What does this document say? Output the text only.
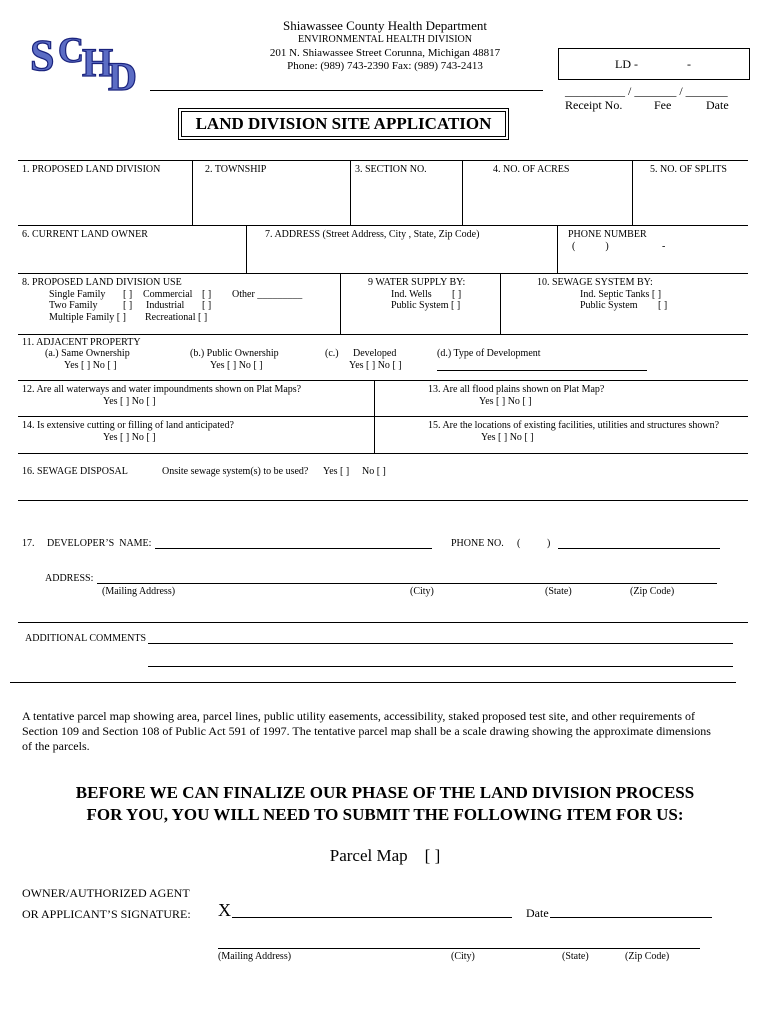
S C
H
D
Shiawassee County Health Department
ENVIRONMENTAL HEALTH DIVISION
201 N. Shiawassee Street Corunna, Michigan 48817
Phone: (989) 743-2390 Fax: (989) 743-2413	LD -	-
__________ / _______ / _______
Receipt No.	Fee	Date
LAND DIVISION SITE APPLICATION
1. PROPOSED LAND DIVISION	2. TOWNSHIP	3. SECTION NO.	4. NO. OF ACRES	5. NO. OF SPLITS
6. CURRENT LAND OWNER	7. ADDRESS (Street Address, City , State, Zip Code)	PHONE NUMBER
(            )	-
8. PROPOSED LAND DIVISION USE
Single Family [ ] Commercial [ ]
Two Family	[ ] Industrial [ ]
Multiple Family [ ] Recreational [ ]
Other _________
9 WATER SUPPLY BY:
Ind. Wells [ ]
Public System [ ]
10. SEWAGE SYSTEM BY:
Ind. Septic Tanks [ ]
Public System [ ]
11. ADJACENT PROPERTY
(a.) Same Ownership
Yes [ ] No [ ]
(b.) Public Ownership
Yes [ ] No [ ]
(c.) Developed
Yes [ ] No [ ]
(d.) Type of Development
12. Are all waterways and water impoundments shown on Plat Maps?
Yes [ ] No [ ]
13. Are all flood plains shown on Plat Map?
Yes [ ] No [ ]
14. Is extensive cutting or filling of land anticipated?
Yes [ ] No [ ]
15. Are the locations of existing facilities, utilities and structures shown?
Yes [ ] No [ ]
16. SEWAGE DISPOSAL	Onsite sewage system(s) to be used? Yes [ ] No [ ]
17.     DEVELOPER’S  NAME:	PHONE NO. (	)
ADDRESS:
(Mailing Address)	(City)	(State)	(Zip Code)
ADDITIONAL COMMENTS
A tentative parcel map showing area, parcel lines, public utility easements, accessibility, staked proposed test site, and other requirements of Section 109 and Section 108 of Public Act 591 of 1997. The tentative parcel map shall be a scale drawing showing the approximate dimensions of the parcels.
BEFORE WE CAN FINALIZE OUR PHASE OF THE LAND DIVISION PROCESS
FOR YOU, YOU WILL NEED TO SUBMIT THE FOLLOWING ITEM FOR US:
Parcel Map    [ ]
OWNER/AUTHORIZED AGENT
OR APPLICANT’S SIGNATURE: X	Date
(Mailing Address)	(City)	(State)	(Zip Code)
